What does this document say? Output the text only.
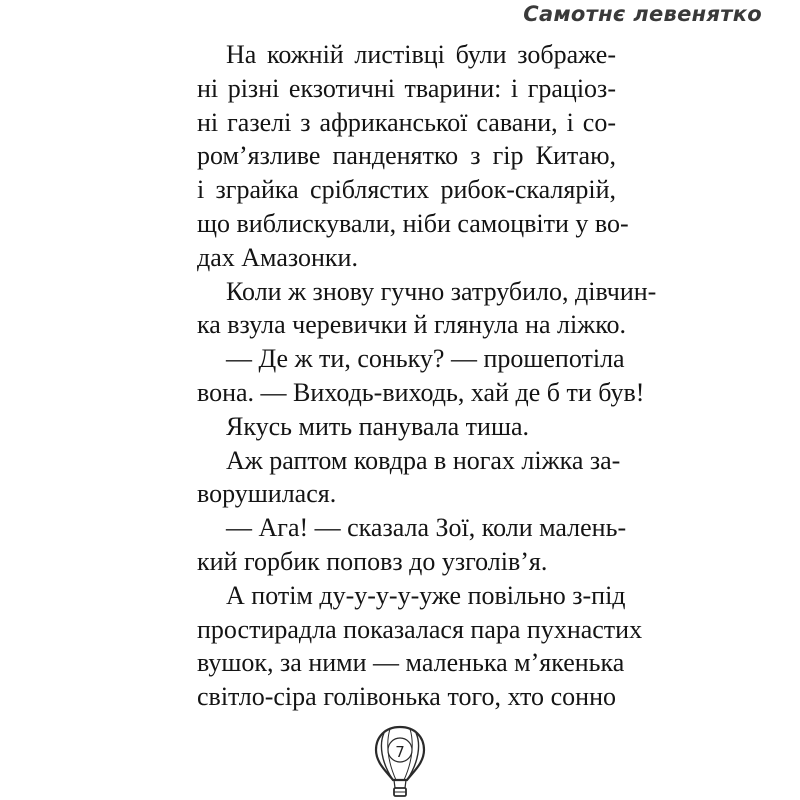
Самотнє левенятко
На кожній листівці були зображе-
ні різні екзотичні тварини: і граціоз-
ні газелі з африканської савани, і со-
ром’язливе панденятко з гір Китаю,
і зграйка сріблястих рибок-скалярій,
що виблискували, ніби самоцвіти у во-
дах Амазонки.
Коли ж знову гучно затрубило, дівчин-
ка взула черевички й глянула на ліжко.
— Де ж ти, соньку? — прошепотіла
вона. — Виходь-виходь, хай де б ти був!
Якусь мить панувала тиша.
Аж раптом ковдра в ногах ліжка за-
ворушилася.
— Ага! — сказала Зої, коли малень-
кий горбик поповз до узголів’я.
А потім ду-у-у-у-уже повільно з-під
простирадла показалася пара пухнастих
вушок, за ними — маленька м’якенька
світло-сіра голівонька того, хто сонно
7
